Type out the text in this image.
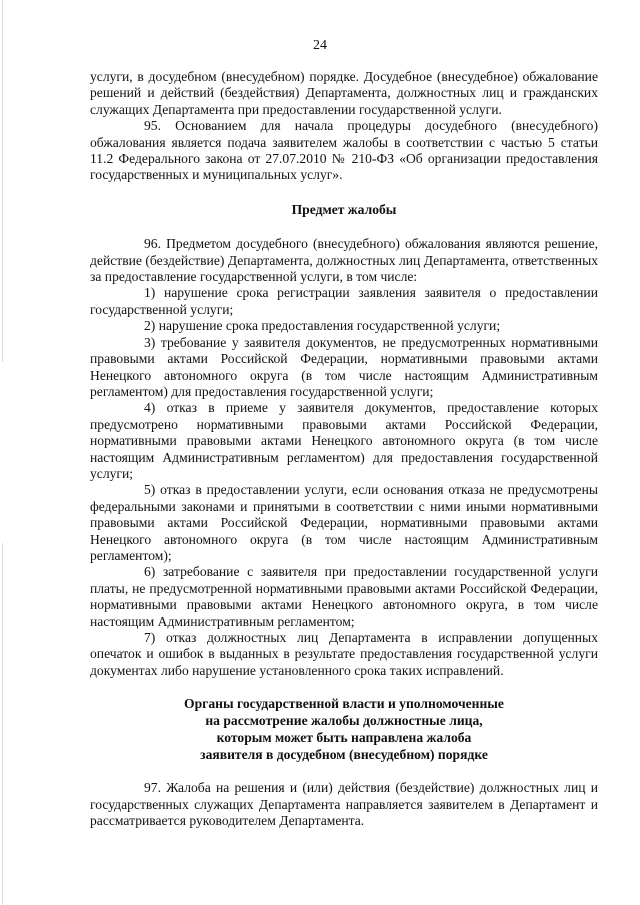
24

услуги, в досудебном (внесудебном) порядке. Досудебное (внесудебное) обжалование решений и действий (бездействия) Департамента, должностных лиц и гражданских служащих Департамента при предоставлении государственной услуги.

95. Основанием для начала процедуры досудебного (внесудебного) обжалования является подача заявителем жалобы в соответствии с частью 5 статьи 11.2 Федерального закона от 27.07.2010 № 210-ФЗ «Об организации предоставления государственных и муниципальных услуг».

Предмет жалобы

96. Предметом досудебного (внесудебного) обжалования являются решение, действие (бездействие) Департамента, должностных лиц Департамента, ответственных за предоставление государственной услуги, в том числе:

1) нарушение срока регистрации заявления заявителя о предоставлении государственной услуги;

2) нарушение срока предоставления государственной услуги;

3) требование у заявителя документов, не предусмотренных нормативными правовыми актами Российской Федерации, нормативными правовыми актами Ненецкого автономного округа (в том числе настоящим Административным регламентом) для предоставления государственной услуги;

4) отказ в приеме у заявителя документов, предоставление которых предусмотрено нормативными правовыми актами Российской Федерации, нормативными правовыми актами Ненецкого автономного округа (в том числе настоящим Административным регламентом) для предоставления государственной услуги;

5) отказ в предоставлении услуги, если основания отказа не предусмотрены федеральными законами и принятыми в соответствии с ними иными нормативными правовыми актами Российской Федерации, нормативными правовыми актами Ненецкого автономного округа (в том числе настоящим Административным регламентом);

6) затребование с заявителя при предоставлении государственной услуги платы, не предусмотренной нормативными правовыми актами Российской Федерации, нормативными правовыми актами Ненецкого автономного округа, в том числе настоящим Административным регламентом;

7) отказ должностных лиц Департамента в исправлении допущенных опечаток и ошибок в выданных в результате предоставления государственной услуги документах либо нарушение установленного срока таких исправлений.

Органы государственной власти и уполномоченные
на рассмотрение жалобы должностные лица,
которым может быть направлена жалоба
заявителя в досудебном (внесудебном) порядке

97. Жалоба на решения и (или) действия (бездействие) должностных лиц и государственных служащих Департамента направляется заявителем в Департамент и рассматривается руководителем Департамента.
